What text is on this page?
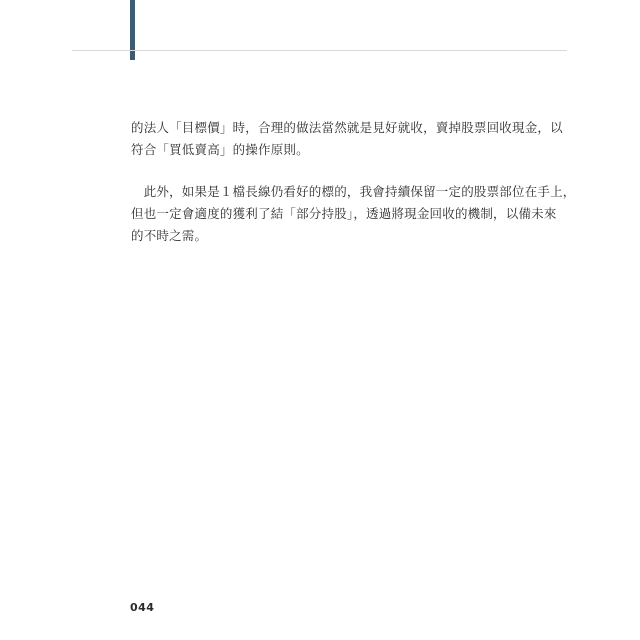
的法人「目標價」時，合理的做法當然就是見好就收，賣掉股票回收現金，以
符合「買低賣高」的操作原則。

　此外，如果是１檔長線仍看好的標的，我會持續保留一定的股票部位在手上，
但也一定會適度的獲利了結「部分持股」，透過將現金回收的機制，以備未來
的不時之需。

044
